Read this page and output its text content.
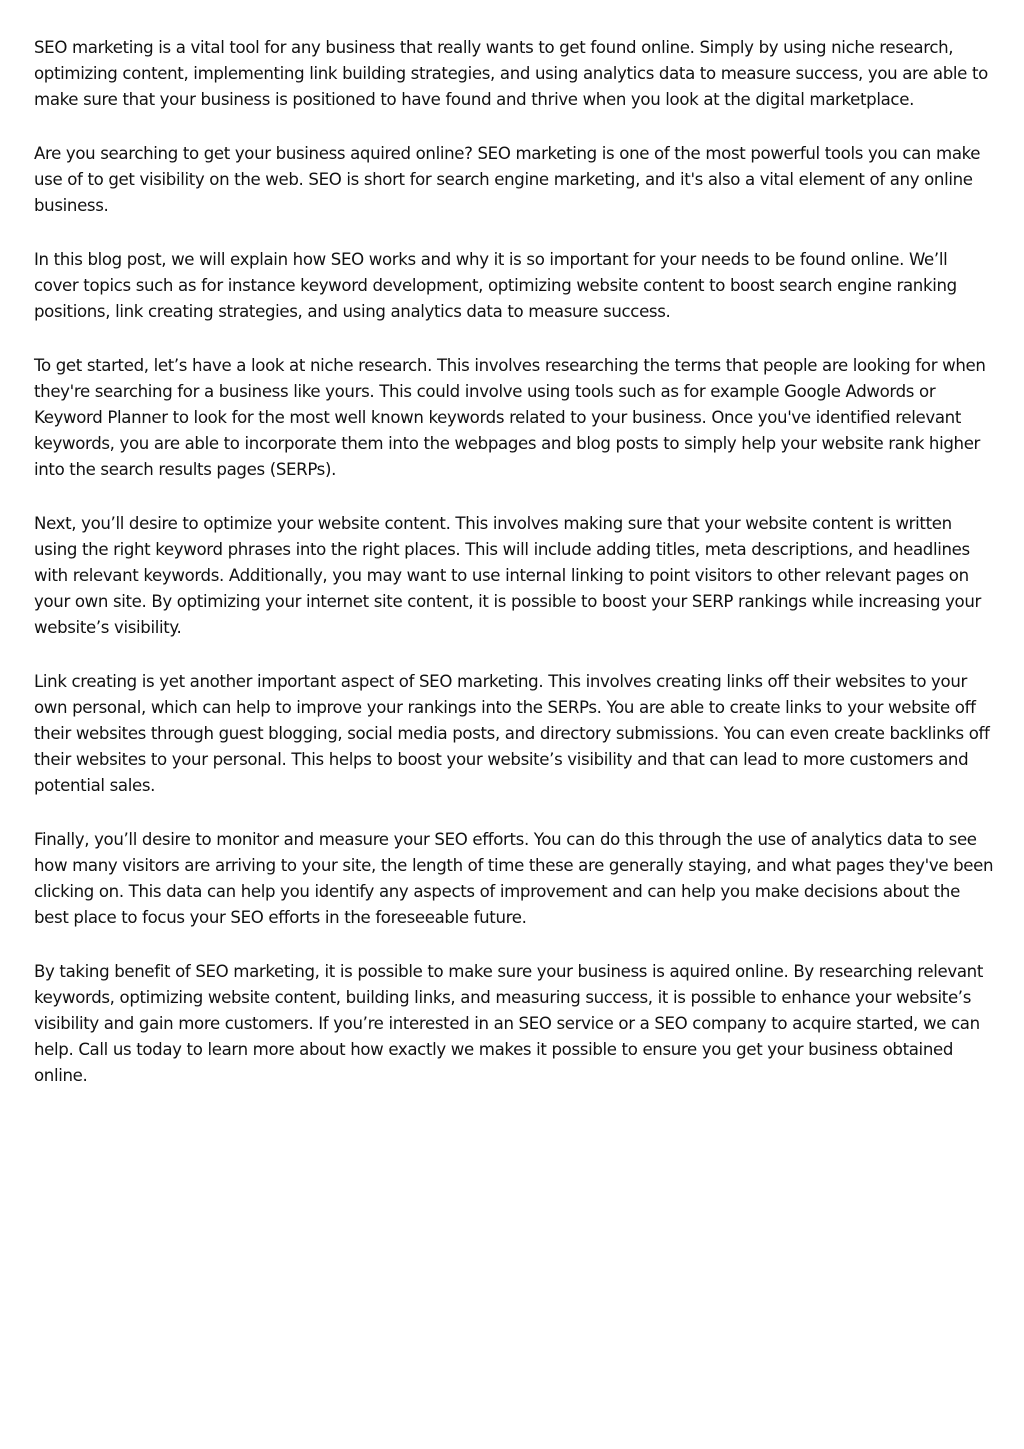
SEO marketing is a vital tool for any business that really wants to get found online. Simply by using niche research, optimizing content, implementing link building strategies, and using analytics data to measure success, you are able to make sure that your business is positioned to have found and thrive when you look at the digital marketplace.

Are you searching to get your business aquired online? SEO marketing is one of the most powerful tools you can make use of to get visibility on the web. SEO is short for search engine marketing, and it's also a vital element of any online business.

In this blog post, we will explain how SEO works and why it is so important for your needs to be found online. We’ll cover topics such as for instance keyword development, optimizing website content to boost search engine ranking positions, link creating strategies, and using analytics data to measure success.

To get started, let’s have a look at niche research. This involves researching the terms that people are looking for when they're searching for a business like yours. This could involve using tools such as for example Google Adwords or Keyword Planner to look for the most well known keywords related to your business. Once you've identified relevant keywords, you are able to incorporate them into the webpages and blog posts to simply help your website rank higher into the search results pages (SERPs).

Next, you’ll desire to optimize your website content. This involves making sure that your website content is written using the right keyword phrases into the right places. This will include adding titles, meta descriptions, and headlines with relevant keywords. Additionally, you may want to use internal linking to point visitors to other relevant pages on your own site. By optimizing your internet site content, it is possible to boost your SERP rankings while increasing your website’s visibility.

Link creating is yet another important aspect of SEO marketing. This involves creating links off their websites to your own personal, which can help to improve your rankings into the SERPs. You are able to create links to your website off their websites through guest blogging, social media posts, and directory submissions. You can even create backlinks off their websites to your personal. This helps to boost your website’s visibility and that can lead to more customers and potential sales.

Finally, you’ll desire to monitor and measure your SEO efforts. You can do this through the use of analytics data to see how many visitors are arriving to your site, the length of time these are generally staying, and what pages they've been clicking on. This data can help you identify any aspects of improvement and can help you make decisions about the best place to focus your SEO efforts in the foreseeable future.

By taking benefit of SEO marketing, it is possible to make sure your business is aquired online. By researching relevant keywords, optimizing website content, building links, and measuring success, it is possible to enhance your website’s visibility and gain more customers. If you’re interested in an SEO service or a SEO company to acquire started, we can help. Call us today to learn more about how exactly we makes it possible to ensure you get your business obtained online.
